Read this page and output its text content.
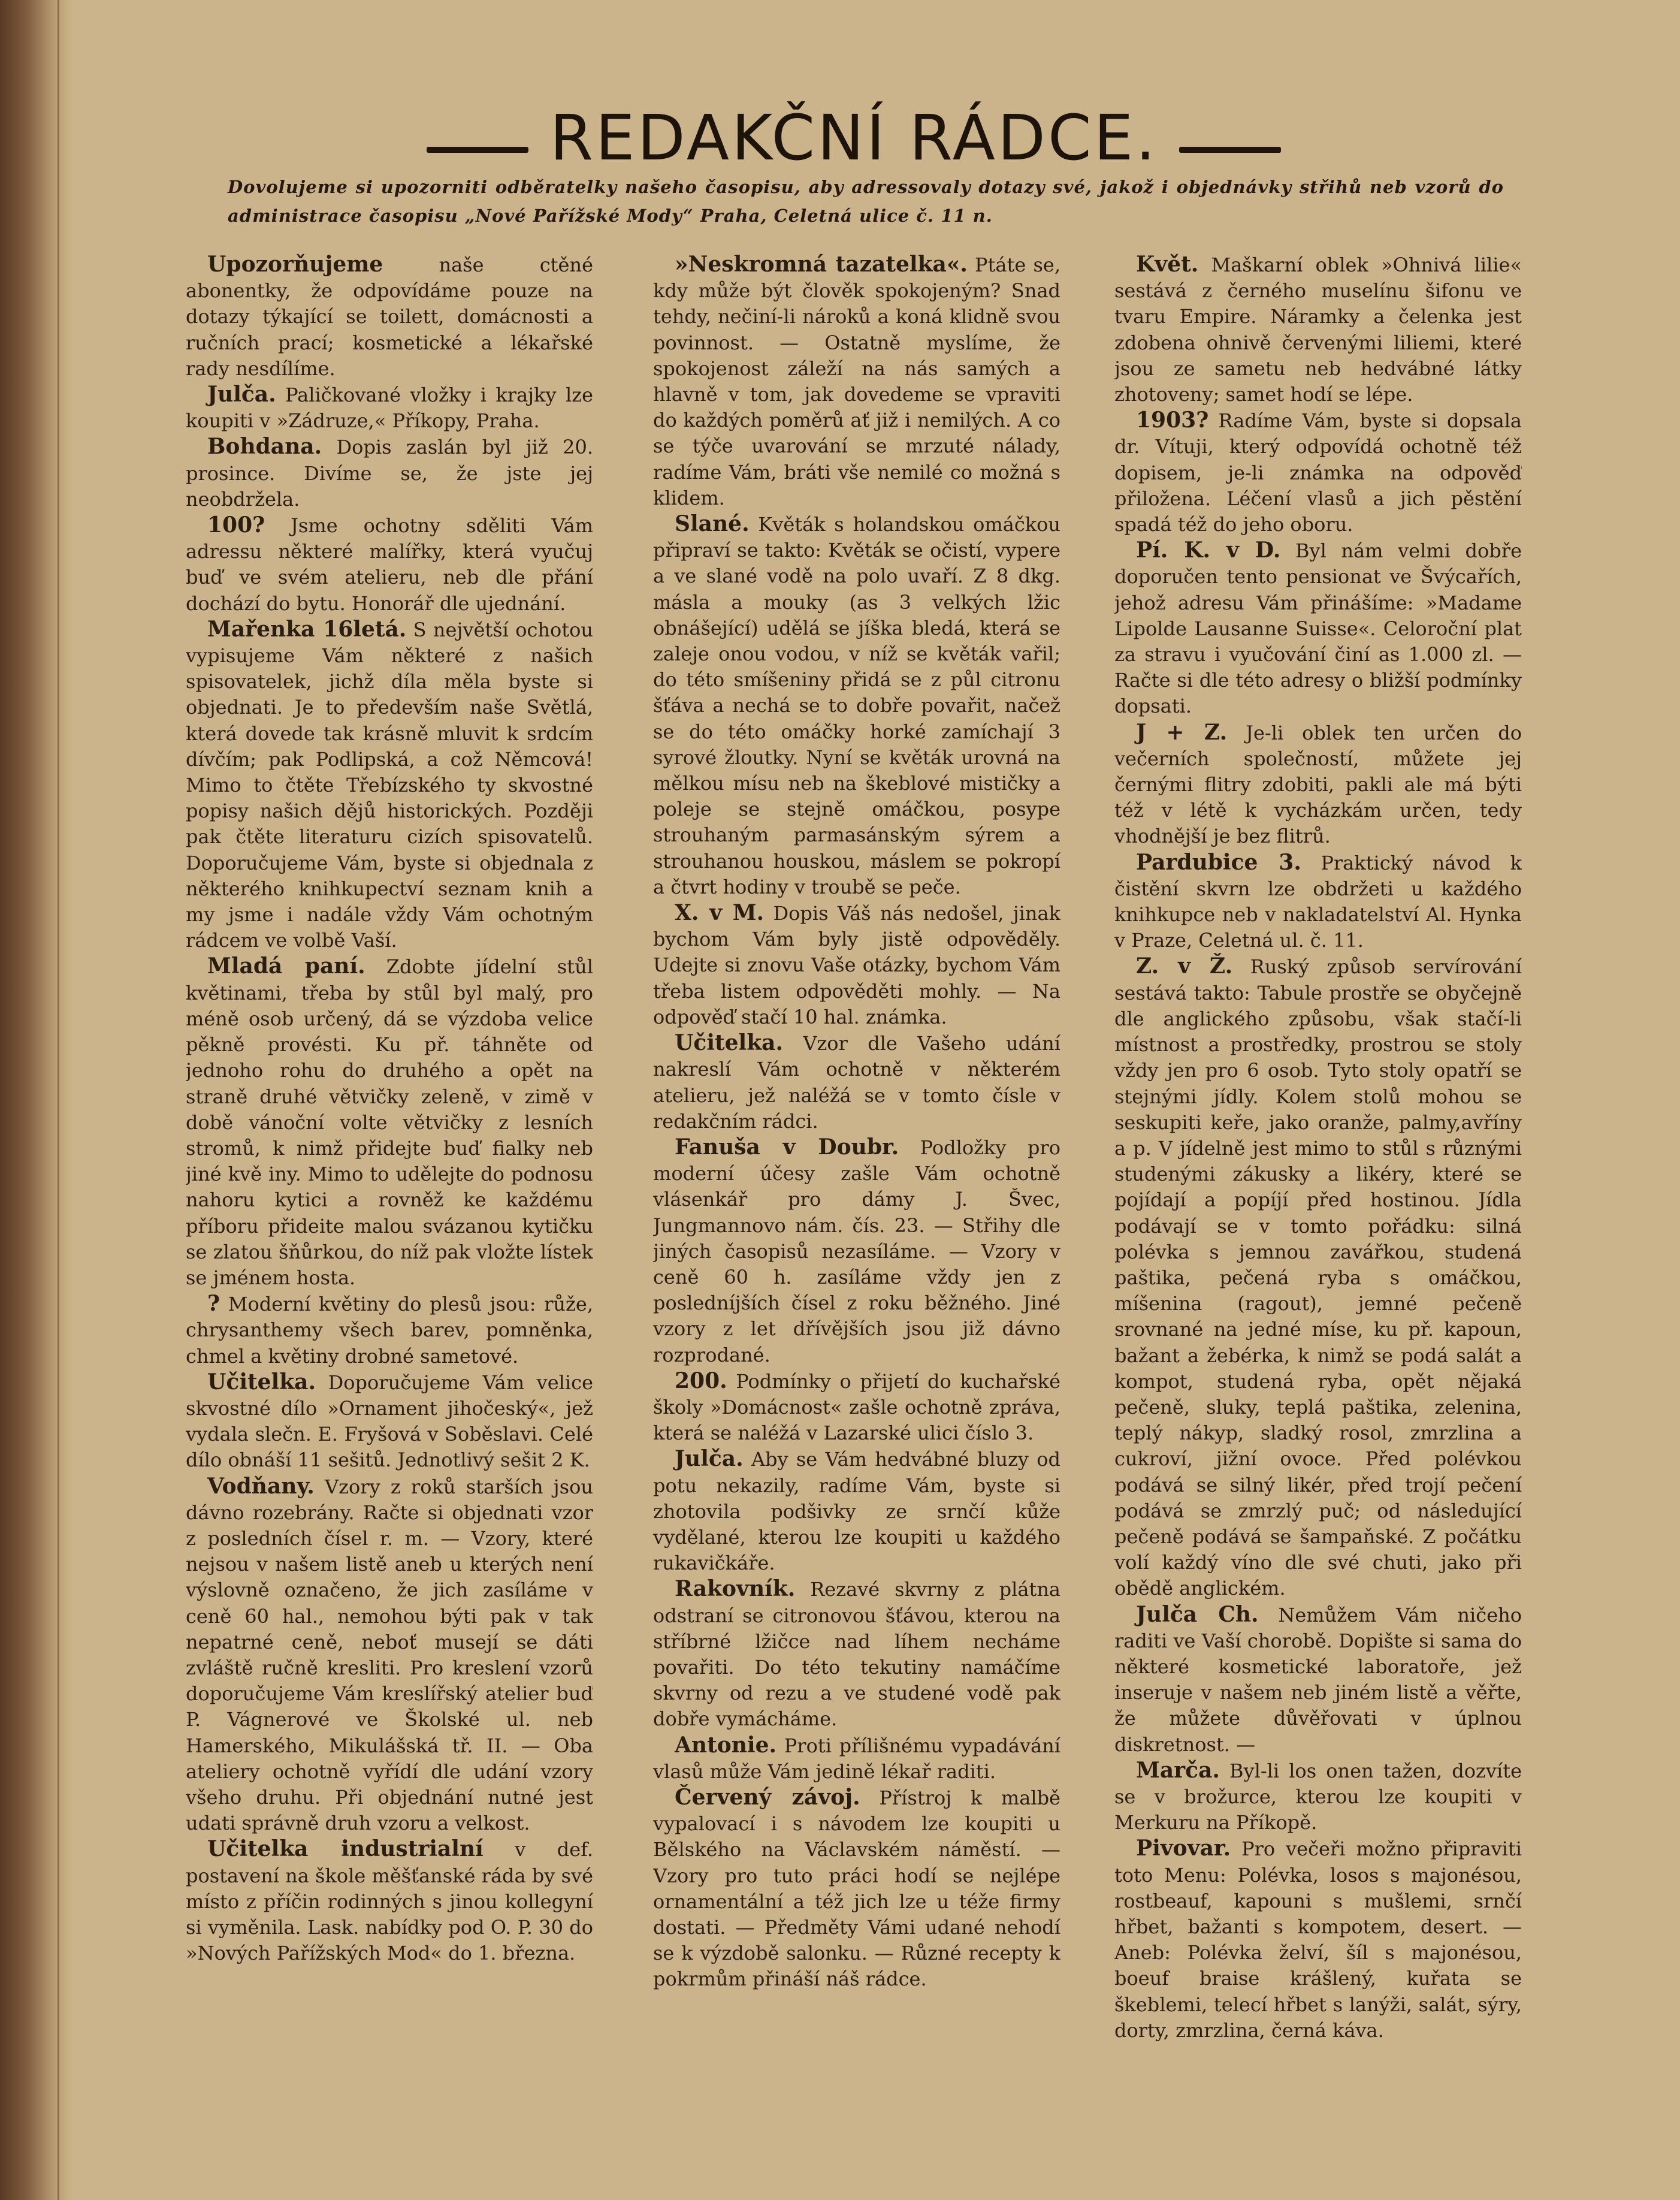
REDAKČNÍ RÁDCE.
Dovolujeme si upozorniti odběratelky našeho časopisu, aby adressovaly dotazy své, jakož i objednávky střihů neb vzorů do administrace časopisu „Nové Pařížské Mody“ Praha, Celetná ulice č. 11 n.

Upozorňujeme naše ctěné abonentky, že odpovídáme pouze na dotazy týkající se toilett, domácnosti a ručních prací; kosmetické a lékařské rady nesdílíme.

Julča. Paličkované vložky i krajky lze koupiti v »Zádruze,« Příkopy, Praha.

Bohdana. Dopis zaslán byl již 20. prosince. Divíme se, že jste jej neobdržela.

100? Jsme ochotny sděliti Vám adressu některé malířky, která vyučuj buď ve svém atelieru, neb dle přání dochází do bytu. Honorář dle ujednání.

Mařenka 16letá. S největší ochotou vypisujeme Vám některé z našich spisovatelek, jichž díla měla byste si objednati. Je to především naše Světlá, která dovede tak krásně mluvit k srdcím dívčím; pak Podlipská, a což Němcová! Mimo to čtěte Třebízského ty skvostné popisy našich dějů historických. Později pak čtěte literaturu cizích spisovatelů. Doporučujeme Vám, byste si objednala z některého knihkupectví seznam knih a my jsme i nadále vždy Vám ochotným rádcem ve volbě Vaší.

Mladá paní. Zdobte jídelní stůl květinami, třeba by stůl byl malý, pro méně osob určený, dá se výzdoba velice pěkně provésti. Ku př. táhněte od jednoho rohu do druhého a opět na straně druhé větvičky zeleně, v zimě v době vánoční volte větvičky z lesních stromů, k nimž přidejte buď fialky neb jiné kvě iny. Mimo to udělejte do podnosu nahoru kytici a rovněž ke každému příboru přideite malou svázanou kytičku se zlatou šňůrkou, do níž pak vložte lístek se jménem hosta.

? Moderní květiny do plesů jsou: růže, chrysanthemy všech barev, pomněnka, chmel a květiny drobné sametové.

Učitelka. Doporučujeme Vám velice skvostné dílo »Ornament jihočeský«, jež vydala slečn. E. Fryšová v Soběslavi. Celé dílo obnáší 11 sešitů. Jednotlivý sešit 2 K.

Vodňany. Vzory z roků starších jsou dávno rozebrány. Račte si objednati vzor z posledních čísel r. m. — Vzory, které nejsou v našem listě aneb u kterých není výslovně označeno, že jich zasíláme v ceně 60 hal., nemohou býti pak v tak nepatrné ceně, neboť musejí se dáti zvláště ručně kresliti. Pro kreslení vzorů doporučujeme Vám kreslířský atelier buď P. Vágnerové ve Školské ul. neb Hamerského, Mikulášská tř. II. — Oba ateliery ochotně vyřídí dle udání vzory všeho druhu. Při objednání nutné jest udati správně druh vzoru a velkost.

Učitelka industrialní v def. postavení na škole měšťanské ráda by své místo z příčin rodinných s jinou kollegyní si vyměnila. Lask. nabídky pod O. P. 30 do »Nových Pařížských Mod« do 1. března.

»Neskromná tazatelka«. Ptáte se, kdy může být člověk spokojeným? Snad tehdy, nečiní-li nároků a koná klidně svou povinnost. — Ostatně myslíme, že spokojenost záleží na nás samých a hlavně v tom, jak dovedeme se vpraviti do každých poměrů ať již i nemilých. A co se týče uvarování se mrzuté nálady, radíme Vám, bráti vše nemilé co možná s klidem.

Slané. Květák s holandskou omáčkou připraví se takto: Květák se očistí, vypere a ve slané vodě na polo uvaří. Z 8 dkg. másla a mouky (as 3 velkých lžic obnášející) udělá se jíška bledá, která se zaleje onou vodou, v níž se květák vařil; do této smíšeniny přidá se z půl citronu šťáva a nechá se to dobře povařit, načež se do této omáčky horké zamíchají 3 syrové žloutky. Nyní se květák urovná na mělkou mísu neb na škeblové mističky a poleje se stejně omáčkou, posype strouhaným parmasánským sýrem a strouhanou houskou, máslem se pokropí a čtvrt hodiny v troubě se peče.

X. v M. Dopis Váš nás nedošel, jinak bychom Vám byly jistě odpověděly. Udejte si znovu Vaše otázky, bychom Vám třeba listem odpověděti mohly. — Na odpověď stačí 10 hal. známka.

Učitelka. Vzor dle Vašeho udání nakreslí Vám ochotně v některém atelieru, jež naléžá se v tomto čísle v redakčním rádci.

Fanuša v Doubr. Podložky pro moderní účesy zašle Vám ochotně vlásenkář pro dámy J. Švec, Jungmannovo nám. čís. 23. — Střihy dle jiných časopisů nezasíláme. — Vzory v ceně 60 h. zasíláme vždy jen z posledníjších čísel z roku běžného. Jiné vzory z let dřívějších jsou již dávno rozprodané.

200. Podmínky o přijetí do kuchařské školy »Domácnost« zašle ochotně zpráva, která se naléžá v Lazarské ulici číslo 3.

Julča. Aby se Vám hedvábné bluzy od potu nekazily, radíme Vám, byste si zhotovila podšivky ze srnčí kůže vydělané, kterou lze koupiti u každého rukavičkáře.

Rakovník. Rezavé skvrny z plátna odstraní se citronovou šťávou, kterou na stříbrné lžičce nad líhem necháme povařiti. Do této tekutiny namáčíme skvrny od rezu a ve studené vodě pak dobře vymácháme.

Antonie. Proti přílišnému vypadávání vlasů může Vám jedině lékař raditi.

Červený závoj. Přístroj k malbě vypalovací i s návodem lze koupiti u Bělského na Václavském náměstí. — Vzory pro tuto práci hodí se nejlépe ornamentální a též jich lze u téže firmy dostati. — Předměty Vámi udané nehodí se k výzdobě salonku. — Různé recepty k pokrmům přináší náš rádce.

Květ. Maškarní oblek »Ohnivá lilie« sestává z černého muselínu šifonu ve tvaru Empire. Náramky a čelenka jest zdobena ohnivě červenými liliemi, které jsou ze sametu neb hedvábné látky zhotoveny; samet hodí se lépe.

1903? Radíme Vám, byste si dopsala dr. Vítuji, který odpovídá ochotně též dopisem, je-li známka na odpověď přiložena. Léčení vlasů a jich pěstění spadá též do jeho oboru.

Pí. K. v D. Byl nám velmi dobře doporučen tento pensionat ve Švýcařích, jehož adresu Vám přinášíme: »Madame Lipolde Lausanne Suisse«. Celoroční plat za stravu i vyučování činí as 1.000 zl. — Račte si dle této adresy o bližší podmínky dopsati.

J + Z. Je-li oblek ten určen do večerních společností, můžete jej černými flitry zdobiti, pakli ale má býti též v létě k vycházkám určen, tedy vhodnější je bez flitrů.

Pardubice 3. Praktický návod k čistění skvrn lze obdržeti u každého knihkupce neb v nakladatelství Al. Hynka v Praze, Celetná ul. č. 11.

Z. v Ž. Ruský způsob servírování sestává takto: Tabule prostře se obyčejně dle anglického způsobu, však stačí-li místnost a prostředky, prostrou se stoly vždy jen pro 6 osob. Tyto stoly opatří se stejnými jídly. Kolem stolů mohou se seskupiti keře, jako oranže, palmy,avříny a p. V jídelně jest mimo to stůl s různými studenými zákusky a likéry, které se pojídají a popíjí před hostinou. Jídla podávají se v tomto pořádku: silná polévka s jemnou zavářkou, studená paštika, pečená ryba s omáčkou, míšenina (ragout), jemné pečeně srovnané na jedné míse, ku př. kapoun, bažant a žebérka, k nimž se podá salát a kompot, studená ryba, opět nějaká pečeně, sluky, teplá paštika, zelenina, teplý nákyp, sladký rosol, zmrzlina a cukroví, jižní ovoce. Před polévkou podává se silný likér, před trojí pečení podává se zmrzlý puč; od následující pečeně podává se šampaňské. Z počátku volí každý víno dle své chuti, jako při obědě anglickém.

Julča Ch. Nemůžem Vám ničeho raditi ve Vaší chorobě. Dopište si sama do některé kosmetické laboratoře, jež inseruje v našem neb jiném listě a věřte, že můžete důvěřovati v úplnou diskretnost. —

Marča. Byl-li los onen tažen, dozvíte se v brožurce, kterou lze koupiti v Merkuru na Příkopě.

Pivovar. Pro večeři možno připraviti toto Menu: Polévka, losos s majonésou, rostbeauf, kapouni s mušlemi, srnčí hřbet, bažanti s kompotem, desert. — Aneb: Polévka želví, šíl s majonésou, boeuf braise krášlený, kuřata se škeblemi, telecí hřbet s lanýži, salát, sýry, dorty, zmrzlina, černá káva.
